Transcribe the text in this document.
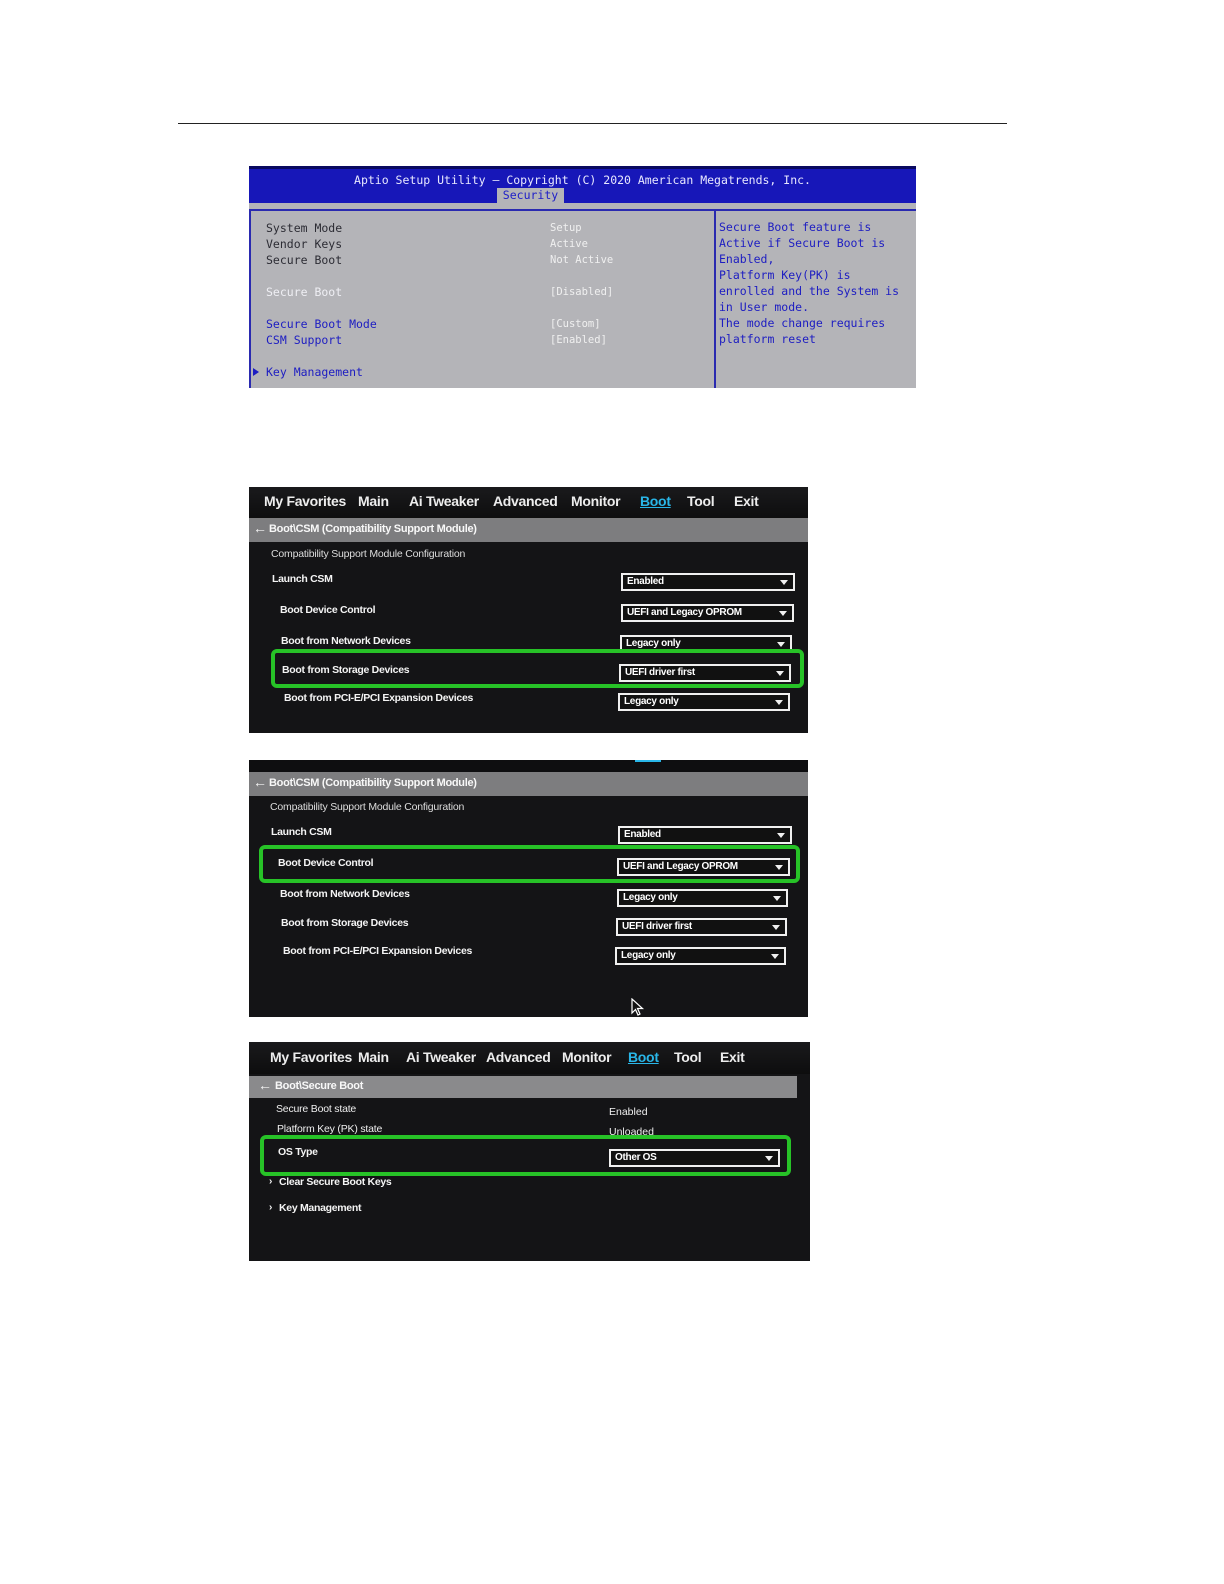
Aptio Setup Utility – Copyright (C) 2020 American Megatrends, Inc.
Security
System Mode	Setup
Vendor Keys	Active
Secure Boot	Not Active
Secure Boot	[Disabled]
Secure Boot Mode	[Custom]
CSM Support	[Enabled]
Key Management
Secure Boot feature is
Active if Secure Boot is
Enabled,
Platform Key(PK) is
enrolled and the System is
in User mode.
The mode change requires
platform reset
My Favorites Main Ai Tweaker Advanced Monitor Boot Tool Exit
← Boot\CSM (Compatibility Support Module)
Compatibility Support Module Configuration
Launch CSM	Enabled
Boot Device Control	UEFI and Legacy OPROM
Boot from Network Devices	Legacy only
Boot from Storage Devices	UEFI driver first
Boot from PCI-E/PCI Expansion Devices	Legacy only
← Boot\CSM (Compatibility Support Module)
Compatibility Support Module Configuration
Launch CSM	Enabled
Boot Device Control	UEFI and Legacy OPROM
Boot from Network Devices	Legacy only
Boot from Storage Devices	UEFI driver first
Boot from PCI-E/PCI Expansion Devices	Legacy only
My Favorites Main Ai Tweaker Advanced Monitor Boot Tool Exit
← Boot\Secure Boot
Secure Boot state	Enabled
Platform Key (PK) state	Unloaded
OS Type	Other OS
› Clear Secure Boot Keys
› Key Management
